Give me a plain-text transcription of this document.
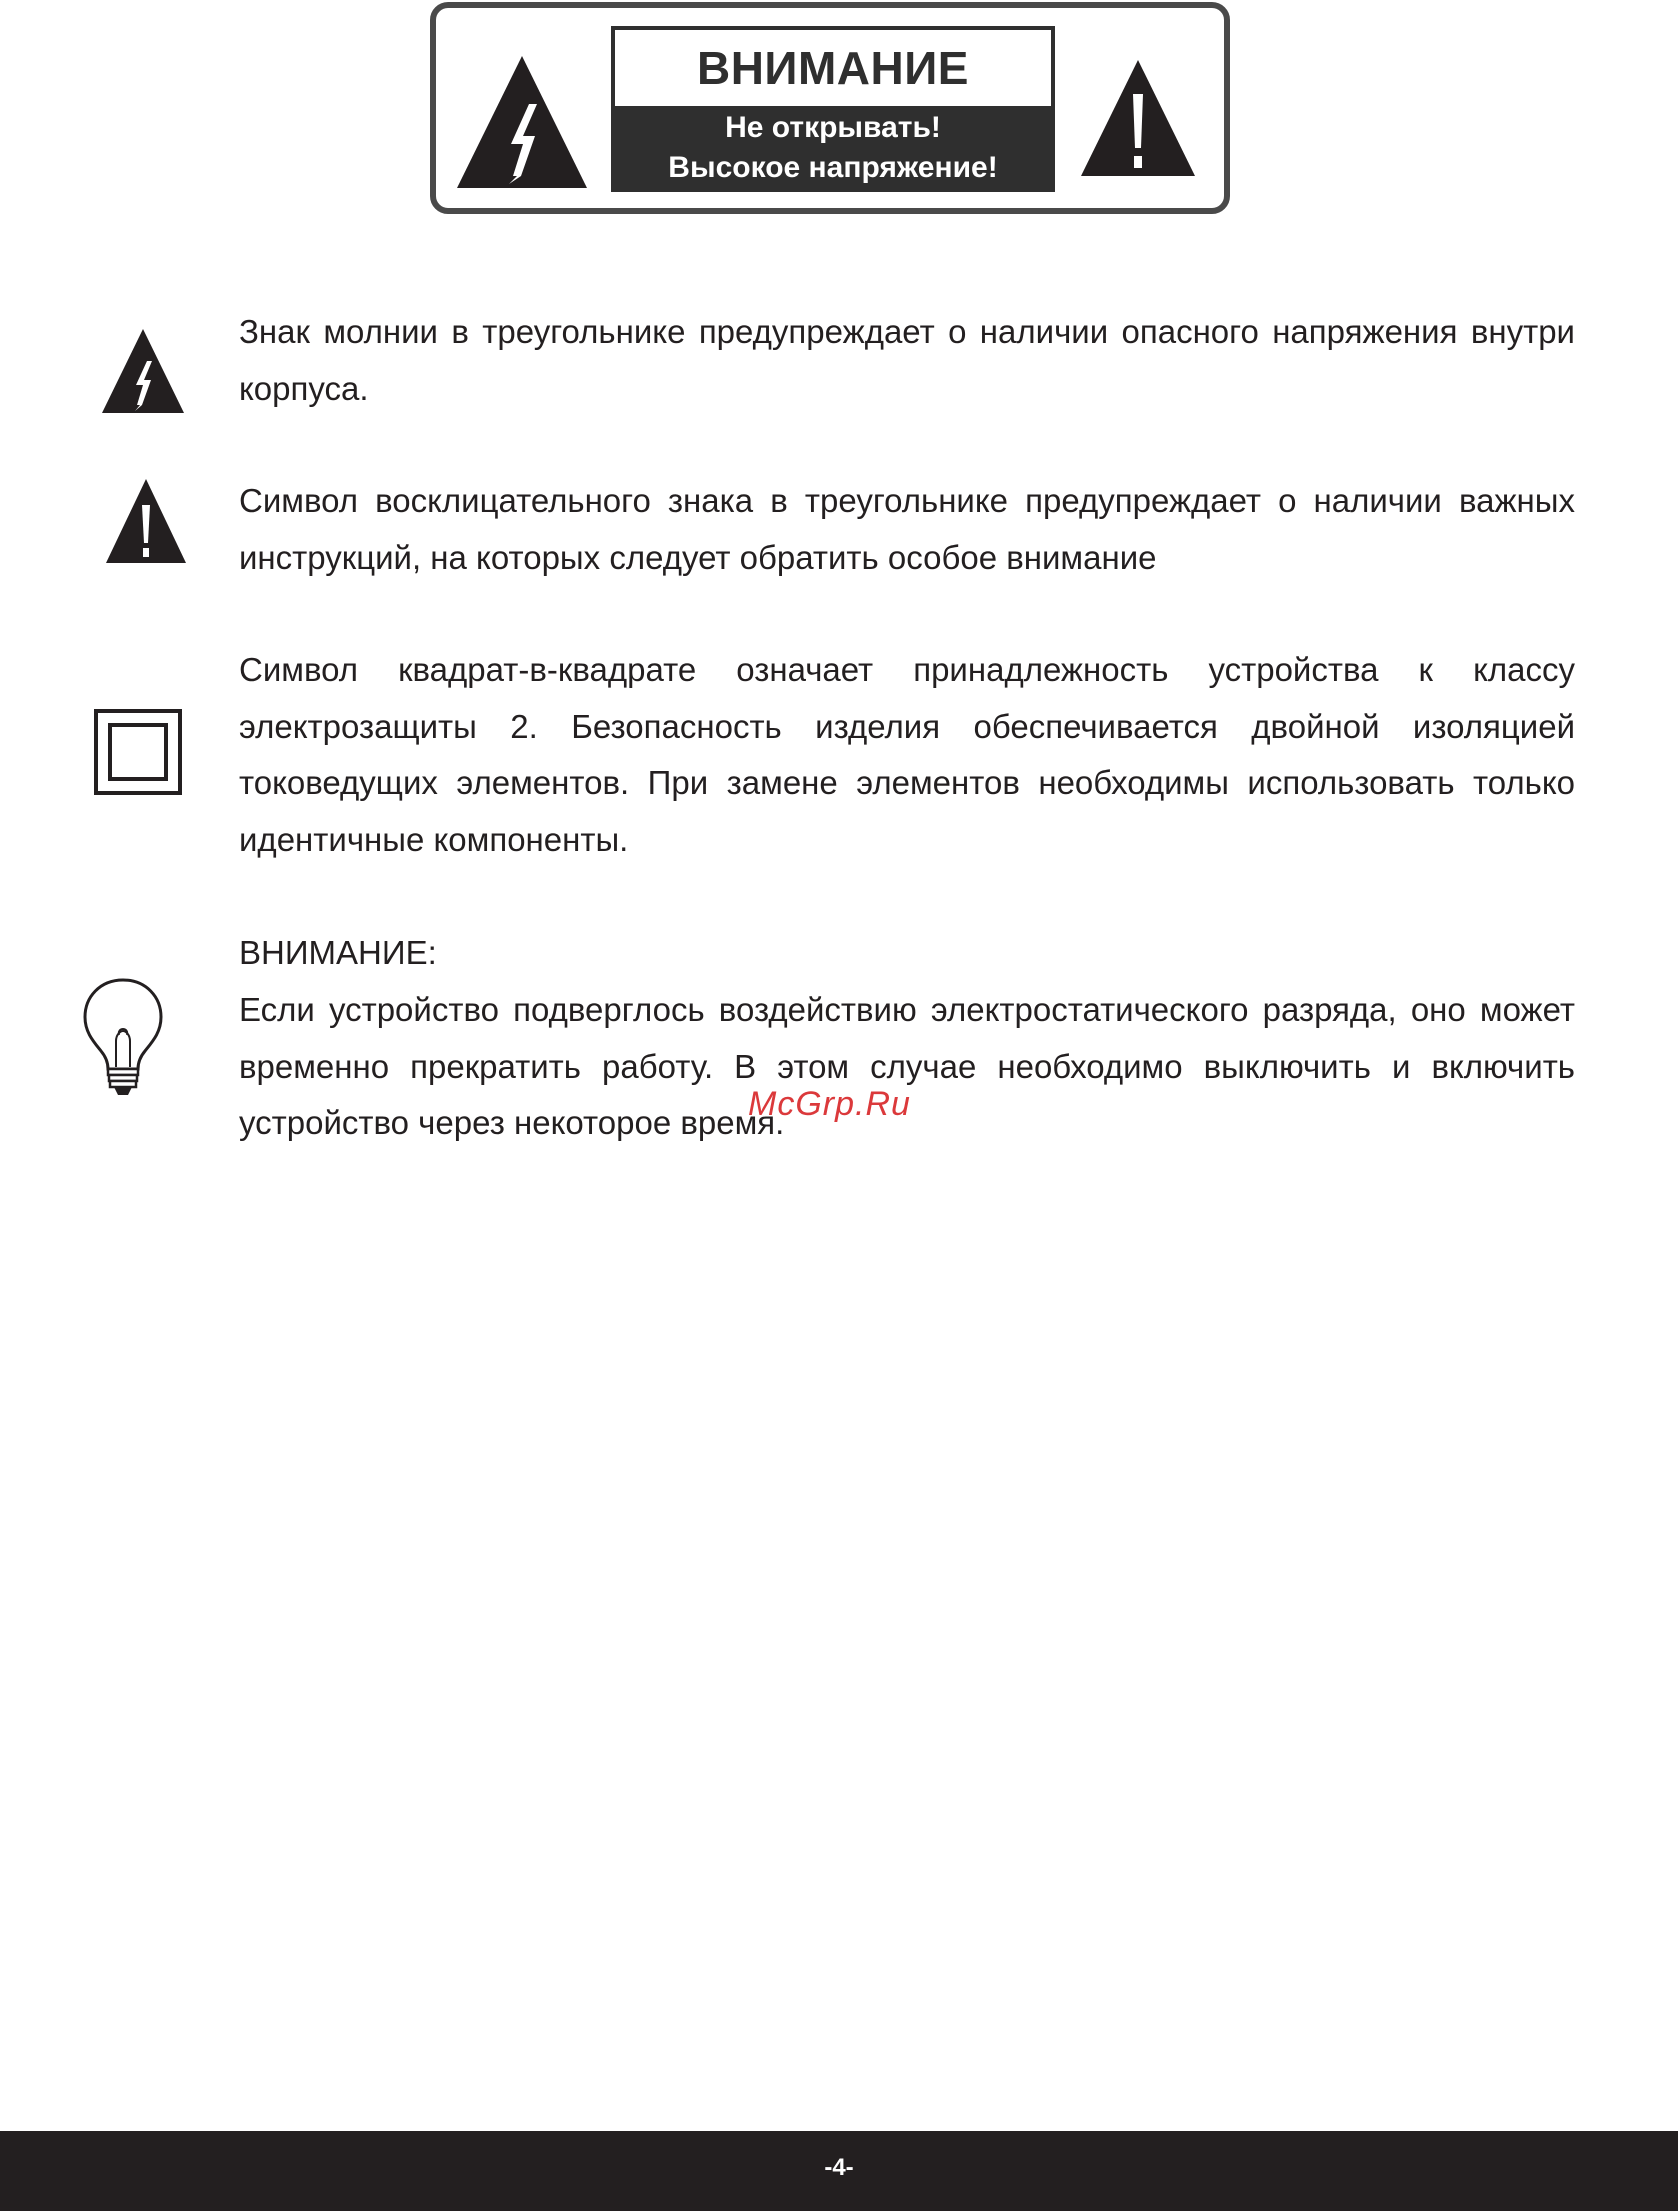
ВНИМАНИЕ
Не открывать!
Высокое напряжение!

Знак молнии в треугольнике предупреждает о наличии опасного напряжения внутри корпуса.

Символ восклицательного знака в треугольнике предупреждает о наличии важных инструкций, на которых следует обратить особое внимание

Символ квадрат-в-квадрате означает принадлежность устройства к классу электрозащиты 2. Безопасность изделия обеспечивается двойной изоляцией токоведущих элементов. При замене элементов необходимы использовать только идентичные компоненты.

ВНИМАНИЕ:

Если устройство подверглось воздействию электростатического разряда, оно может временно прекратить работу. В этом случае необходимо выключить и включить устройство через некоторое время.

McGrp.Ru
-4-
